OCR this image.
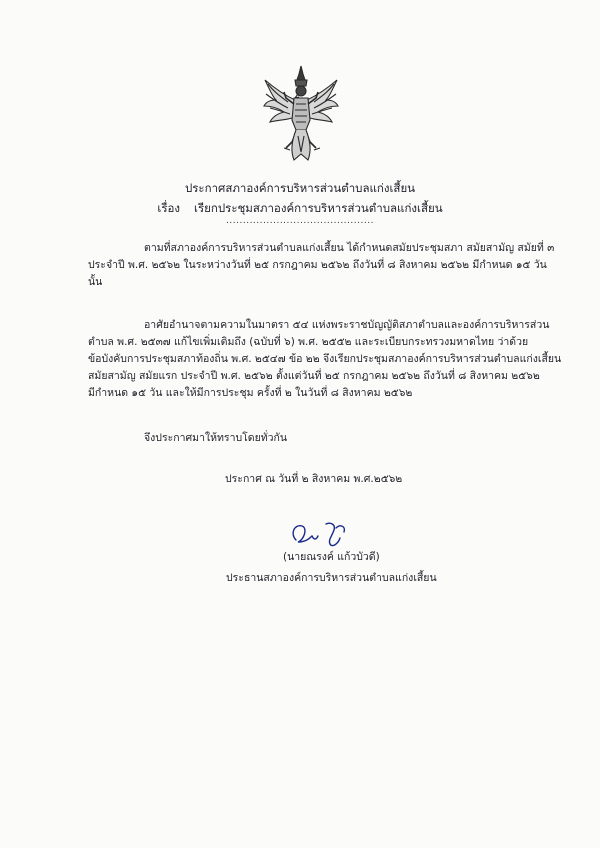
ประกาศสภาองค์การบริหารส่วนตำบลแก่งเสี้ยน
เรื่อง เรียกประชุมสภาองค์การบริหารส่วนตำบลแก่งเสี้ยน
............................................

ตามที่สภาองค์การบริหารส่วนตำบลแก่งเสี้ยน ได้กำหนดสมัยประชุมสภา สมัยสามัญ สมัยที่ ๓
ประจำปี พ.ศ. ๒๕๖๒ ในระหว่างวันที่ ๒๕ กรกฎาคม ๒๕๖๒ ถึงวันที่ ๘ สิงหาคม ๒๕๖๒ มีกำหนด ๑๕ วัน
นั้น

อาศัยอำนาจตามความในมาตรา ๕๔ แห่งพระราชบัญญัติสภาตำบลและองค์การบริหารส่วน
ตำบล พ.ศ. ๒๕๓๗ แก้ไขเพิ่มเติมถึง (ฉบับที่ ๖) พ.ศ. ๒๕๕๒ และระเบียบกระทรวงมหาดไทย ว่าด้วย
ข้อบังคับการประชุมสภาท้องถิ่น พ.ศ. ๒๕๔๗ ข้อ ๒๒ จึงเรียกประชุมสภาองค์การบริหารส่วนตำบลแก่งเสี้ยน
สมัยสามัญ สมัยแรก ประจำปี พ.ศ. ๒๕๖๒ ตั้งแต่วันที่ ๒๕ กรกฎาคม ๒๕๖๒ ถึงวันที่ ๘ สิงหาคม ๒๕๖๒
มีกำหนด ๑๕ วัน และให้มีการประชุม ครั้งที่ ๒ ในวันที่ ๘ สิงหาคม ๒๕๖๒

จึงประกาศมาให้ทราบโดยทั่วกัน

ประกาศ ณ วันที่ ๒ สิงหาคม พ.ศ.๒๕๖๒
(นายณรงค์ แก้วบัวดี)
ประธานสภาองค์การบริหารส่วนตำบลแก่งเสี้ยน
